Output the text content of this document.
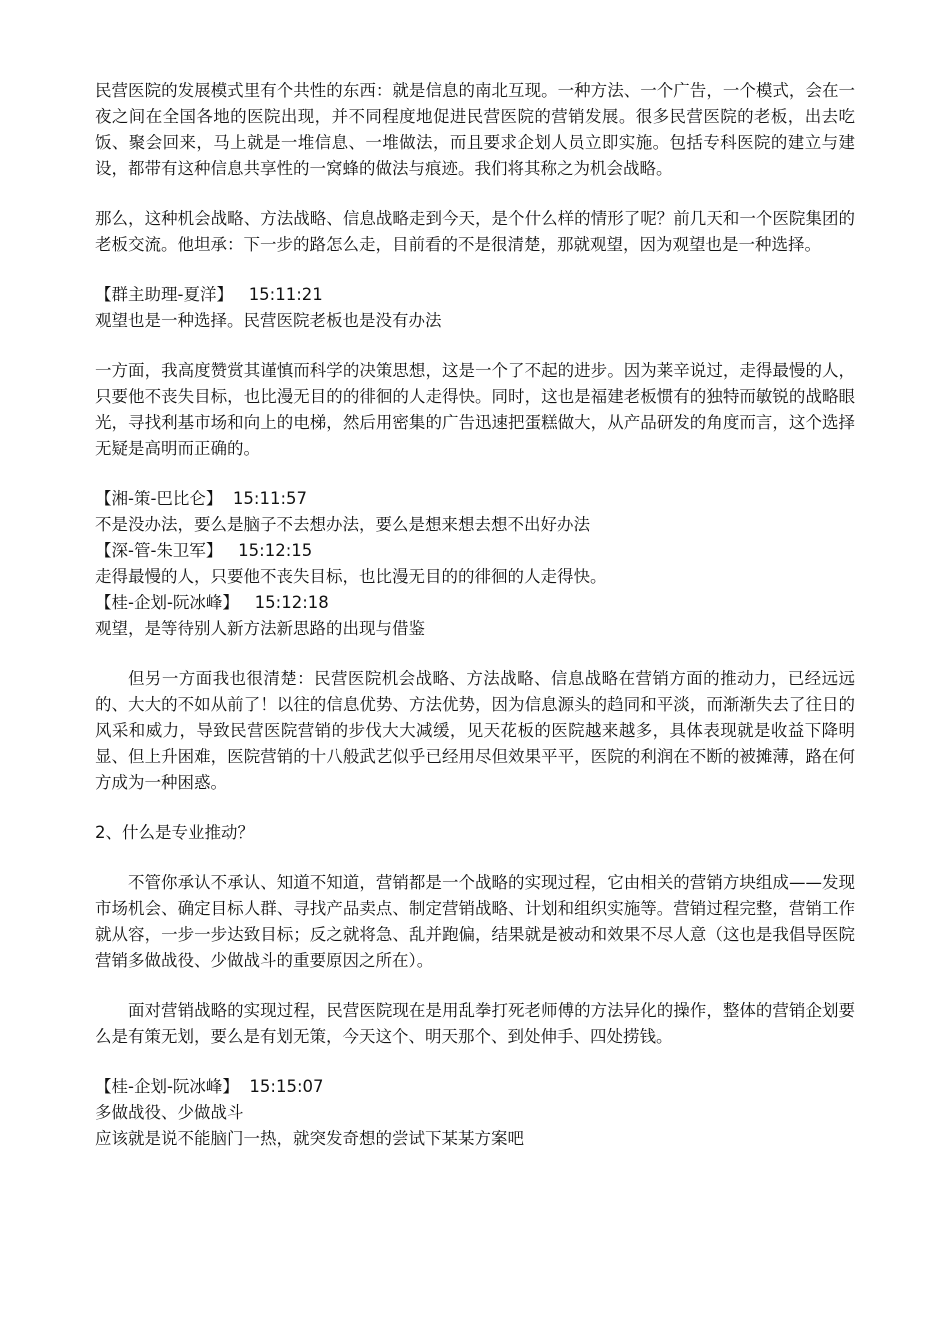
民营医院的发展模式里有个共性的东西：就是信息的南北互现。一种方法、一个广告，一个模式，会在一夜之间在全国各地的医院出现，并不同程度地促进民营医院的营销发展。很多民营医院的老板，出去吃饭、聚会回来，马上就是一堆信息、一堆做法，而且要求企划人员立即实施。包括专科医院的建立与建设，都带有这种信息共享性的一窝蜂的做法与痕迹。我们将其称之为机会战略。

那么，这种机会战略、方法战略、信息战略走到今天，是个什么样的情形了呢？前几天和一个医院集团的老板交流。他坦承：下一步的路怎么走，目前看的不是很清楚，那就观望，因为观望也是一种选择。

【群主助理-夏洋】   15:11:21

观望也是一种选择。民营医院老板也是没有办法

一方面，我高度赞赏其谨慎而科学的决策思想，这是一个了不起的进步。因为莱辛说过，走得最慢的人，只要他不丧失目标，也比漫无目的的徘徊的人走得快。同时，这也是福建老板惯有的独特而敏锐的战略眼光，寻找利基市场和向上的电梯，然后用密集的广告迅速把蛋糕做大，从产品研发的角度而言，这个选择无疑是高明而正确的。

【湘-策-巴比仑】  15:11:57

不是没办法，要么是脑子不去想办法，要么是想来想去想不出好办法

【深-管-朱卫军】   15:12:15

走得最慢的人，只要他不丧失目标，也比漫无目的的徘徊的人走得快。

【桂-企划-阮冰峰】   15:12:18

观望，是等待别人新方法新思路的出现与借鉴

但另一方面我也很清楚：民营医院机会战略、方法战略、信息战略在营销方面的推动力，已经远远的、大大的不如从前了！以往的信息优势、方法优势，因为信息源头的趋同和平淡，而渐渐失去了往日的风采和威力，导致民营医院营销的步伐大大减缓，见天花板的医院越来越多，具体表现就是收益下降明显、但上升困难，医院营销的十八般武艺似乎已经用尽但效果平平，医院的利润在不断的被摊薄，路在何方成为一种困惑。

2、什么是专业推动？

不管你承认不承认、知道不知道，营销都是一个战略的实现过程，它由相关的营销方块组成——发现市场机会、确定目标人群、寻找产品卖点、制定营销战略、计划和组织实施等。营销过程完整，营销工作就从容，一步一步达致目标；反之就将急、乱并跑偏，结果就是被动和效果不尽人意（这也是我倡导医院营销多做战役、少做战斗的重要原因之所在）。

面对营销战略的实现过程，民营医院现在是用乱拳打死老师傅的方法异化的操作，整体的营销企划要么是有策无划，要么是有划无策，今天这个、明天那个、到处伸手、四处捞钱。

【桂-企划-阮冰峰】  15:15:07

多做战役、少做战斗

应该就是说不能脑门一热，就突发奇想的尝试下某某方案吧
